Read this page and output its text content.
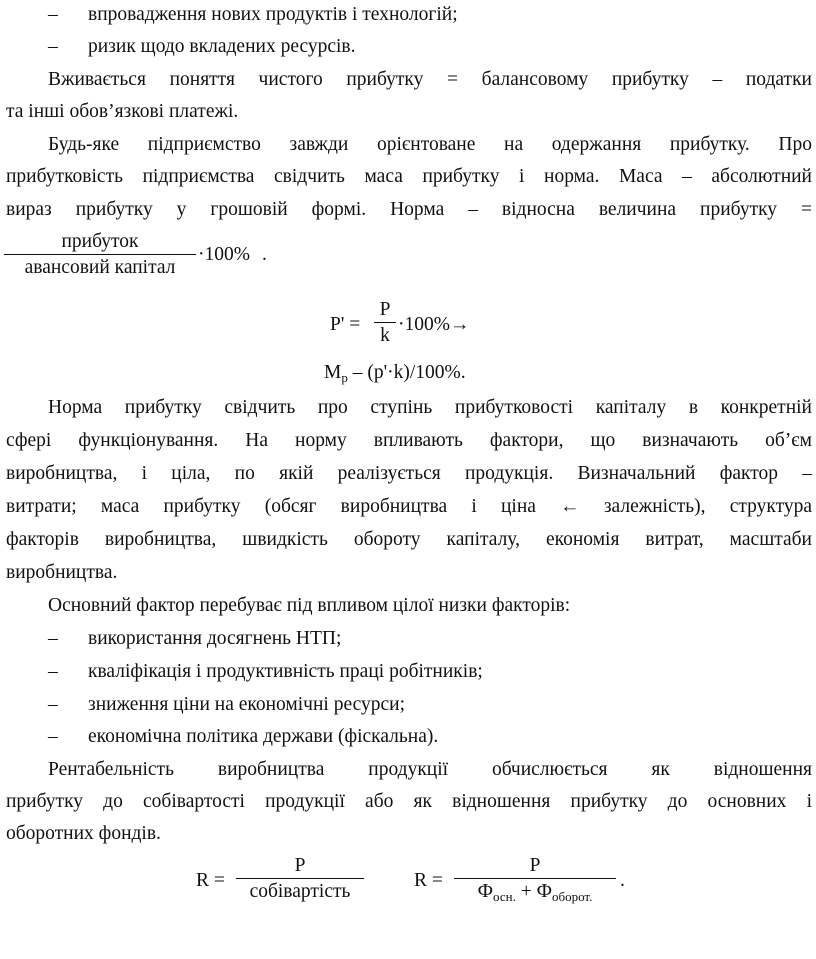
– впровадження нових продуктів і технологій;
– ризик щодо вкладених ресурсів.
Вживається поняття чистого прибутку = балансовому прибутку – податки
та інші обов’язкові платежі.
Будь-яке підприємство завжди орієнтоване на одержання прибутку. Про
прибутковість підприємства свідчить маса прибутку і норма. Маса – абсолютний
вираз прибутку у грошовій формі. Норма – відносна величина прибутку =
прибуток
авансовий капітал
·100% .
P' =
P
k
·100%→
$M_p - (p'\cdot k)/100\%$.
Норма прибутку свідчить про ступінь прибутковості капіталу в конкретній
сфері функціонування. На норму впливають фактори, що визначають об’єм
виробництва, і ціла, по якій реалізується продукція. Визначальний фактор –
витрати; маса прибутку (обсяг виробництва і ціна ← залежність), структура
факторів виробництва, швидкість обороту капіталу, економія витрат, масштаби
виробництва.
Основний фактор перебуває під впливом цілої низки факторів:
– використання досягнень НТП;
– кваліфікація і продуктивність праці робітників;
– зниження ціни на економічні ресурси;
– економічна політика держави (фіскальна).
Рентабельність виробництва продукції обчислюється як відношення
прибутку до собівартості продукції або як відношення прибутку до основних і
оборотних фондів.
R =
P
собівартість
R =
P
$Ф_{осн.} + Ф_{оборот.}$
.
